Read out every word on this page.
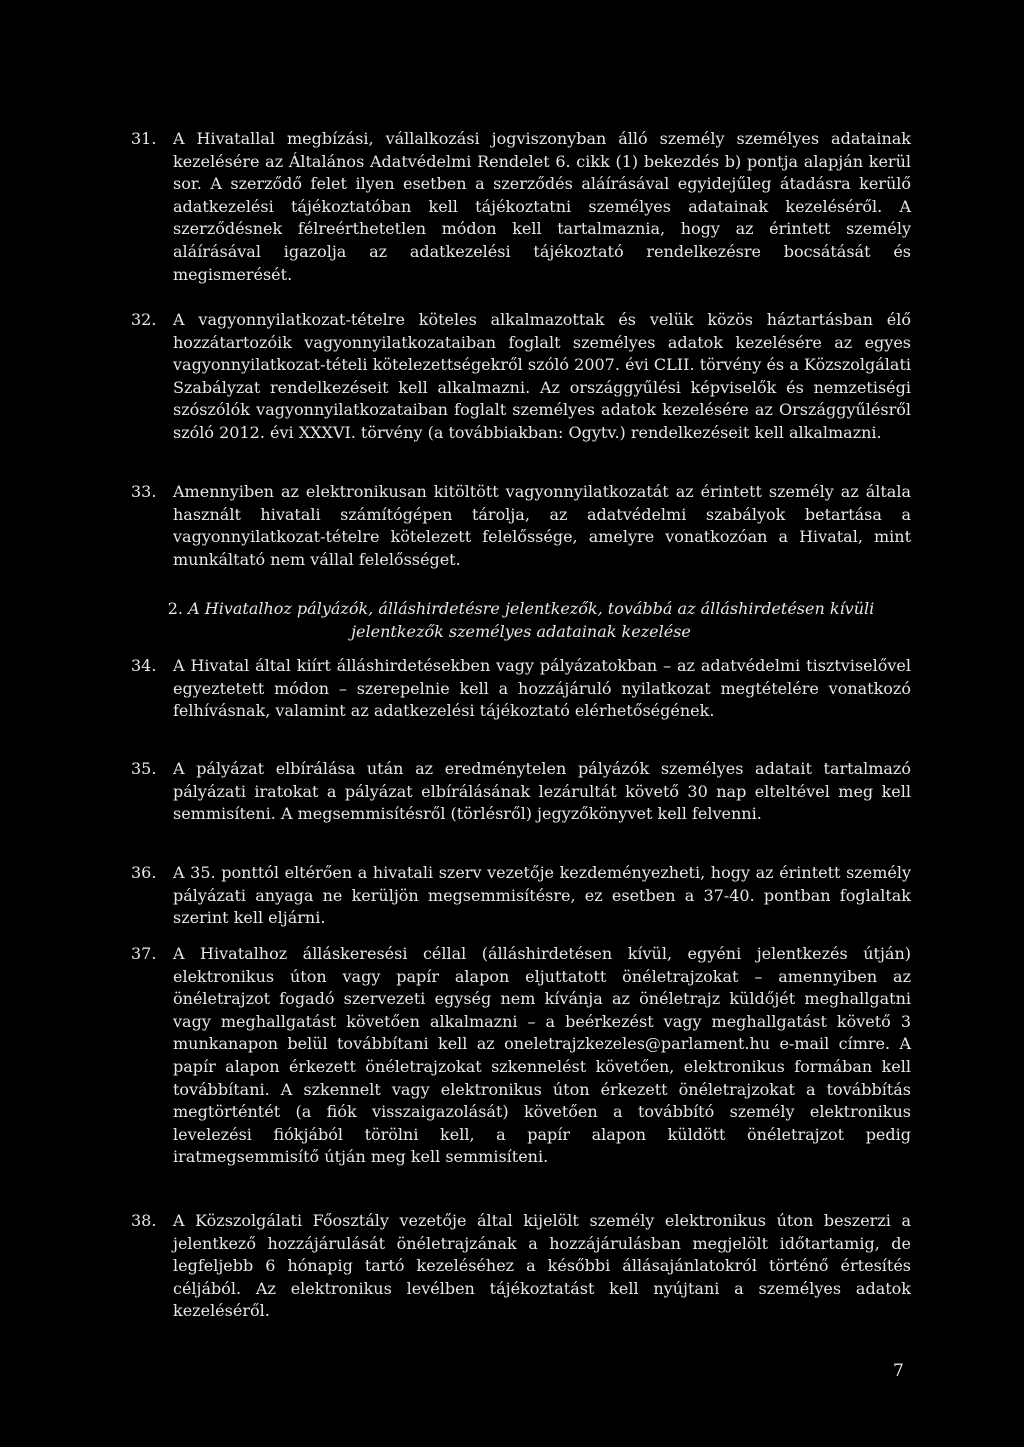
31. A Hivatallal megbízási, vállalkozási jogviszonyban álló személy személyes adatainak kezelésére az Általános Adatvédelmi Rendelet 6. cikk (1) bekezdés b) pontja alapján kerül sor. A szerződő felet ilyen esetben a szerződés aláírásával egyidejűleg átadásra kerülő adatkezelési tájékoztatóban kell tájékoztatni személyes adatainak kezeléséről. A szerződésnek félreérthetetlen módon kell tartalmaznia, hogy az érintett személy aláírásával igazolja az adatkezelési tájékoztató rendelkezésre bocsátását és megismerését.
32. A vagyonnyilatkozat-tételre köteles alkalmazottak és velük közös háztartásban élő hozzátartozóik vagyonnyilatkozataiban foglalt személyes adatok kezelésére az egyes vagyonnyilatkozat-tételi kötelezettségekről szóló 2007. évi CLII. törvény és a Közszolgálati Szabályzat rendelkezéseit kell alkalmazni. Az országgyűlési képviselők és nemzetiségi szószólók vagyonnyilatkozataiban foglalt személyes adatok kezelésére az Országgyűlésről szóló 2012. évi XXXVI. törvény (a továbbiakban: Ogytv.) rendelkezéseit kell alkalmazni.
33. Amennyiben az elektronikusan kitöltött vagyonnyilatkozatát az érintett személy az általa használt hivatali számítógépen tárolja, az adatvédelmi szabályok betartása a vagyonnyilatkozat-tételre kötelezett felelőssége, amelyre vonatkozóan a Hivatal, mint munkáltató nem vállal felelősséget.
2. A Hivatalhoz pályázók, álláshirdetésre jelentkezők, továbbá az álláshirdetésen kívüli jelentkezők személyes adatainak kezelése
34. A Hivatal által kiírt álláshirdetésekben vagy pályázatokban – az adatvédelmi tisztviselővel egyeztetett módon – szerepelnie kell a hozzájáruló nyilatkozat megtételére vonatkozó felhívásnak, valamint az adatkezelési tájékoztató elérhetőségének.
35. A pályázat elbírálása után az eredménytelen pályázók személyes adatait tartalmazó pályázati iratokat a pályázat elbírálásának lezárultát követő 30 nap elteltével meg kell semmisíteni. A megsemmisítésről (törlésről) jegyzőkönyvet kell felvenni.
36. A 35. ponttól eltérően a hivatali szerv vezetője kezdeményezheti, hogy az érintett személy pályázati anyaga ne kerüljön megsemmisítésre, ez esetben a 37-40. pontban foglaltak szerint kell eljárni.
37. A Hivatalhoz álláskeresési céllal (álláshirdetésen kívül, egyéni jelentkezés útján) elektronikus úton vagy papír alapon eljuttatott önéletrajzokat – amennyiben az önéletrajzot fogadó szervezeti egység nem kívánja az önéletrajz küldőjét meghallgatni vagy meghallgatást követően alkalmazni – a beérkezést vagy meghallgatást követő 3 munkanapon belül továbbítani kell az oneletrajzkezeles@parlament.hu e-mail címre. A papír alapon érkezett önéletrajzokat szkennelést követően, elektronikus formában kell továbbítani. A szkennelt vagy elektronikus úton érkezett önéletrajzokat a továbbítás megtörténtét (a fiók visszaigazolását) követően a továbbító személy elektronikus levelezési fiókjából törölni kell, a papír alapon küldött önéletrajzot pedig iratmegsemmisítő útján meg kell semmisíteni.
38. A Közszolgálati Főosztály vezetője által kijelölt személy elektronikus úton beszerzi a jelentkező hozzájárulását önéletrajzának a hozzájárulásban megjelölt időtartamig, de legfeljebb 6 hónapig tartó kezeléséhez a későbbi állásajánlatokról történő értesítés céljából. Az elektronikus levélben tájékoztatást kell nyújtani a személyes adatok kezeléséről.
7
